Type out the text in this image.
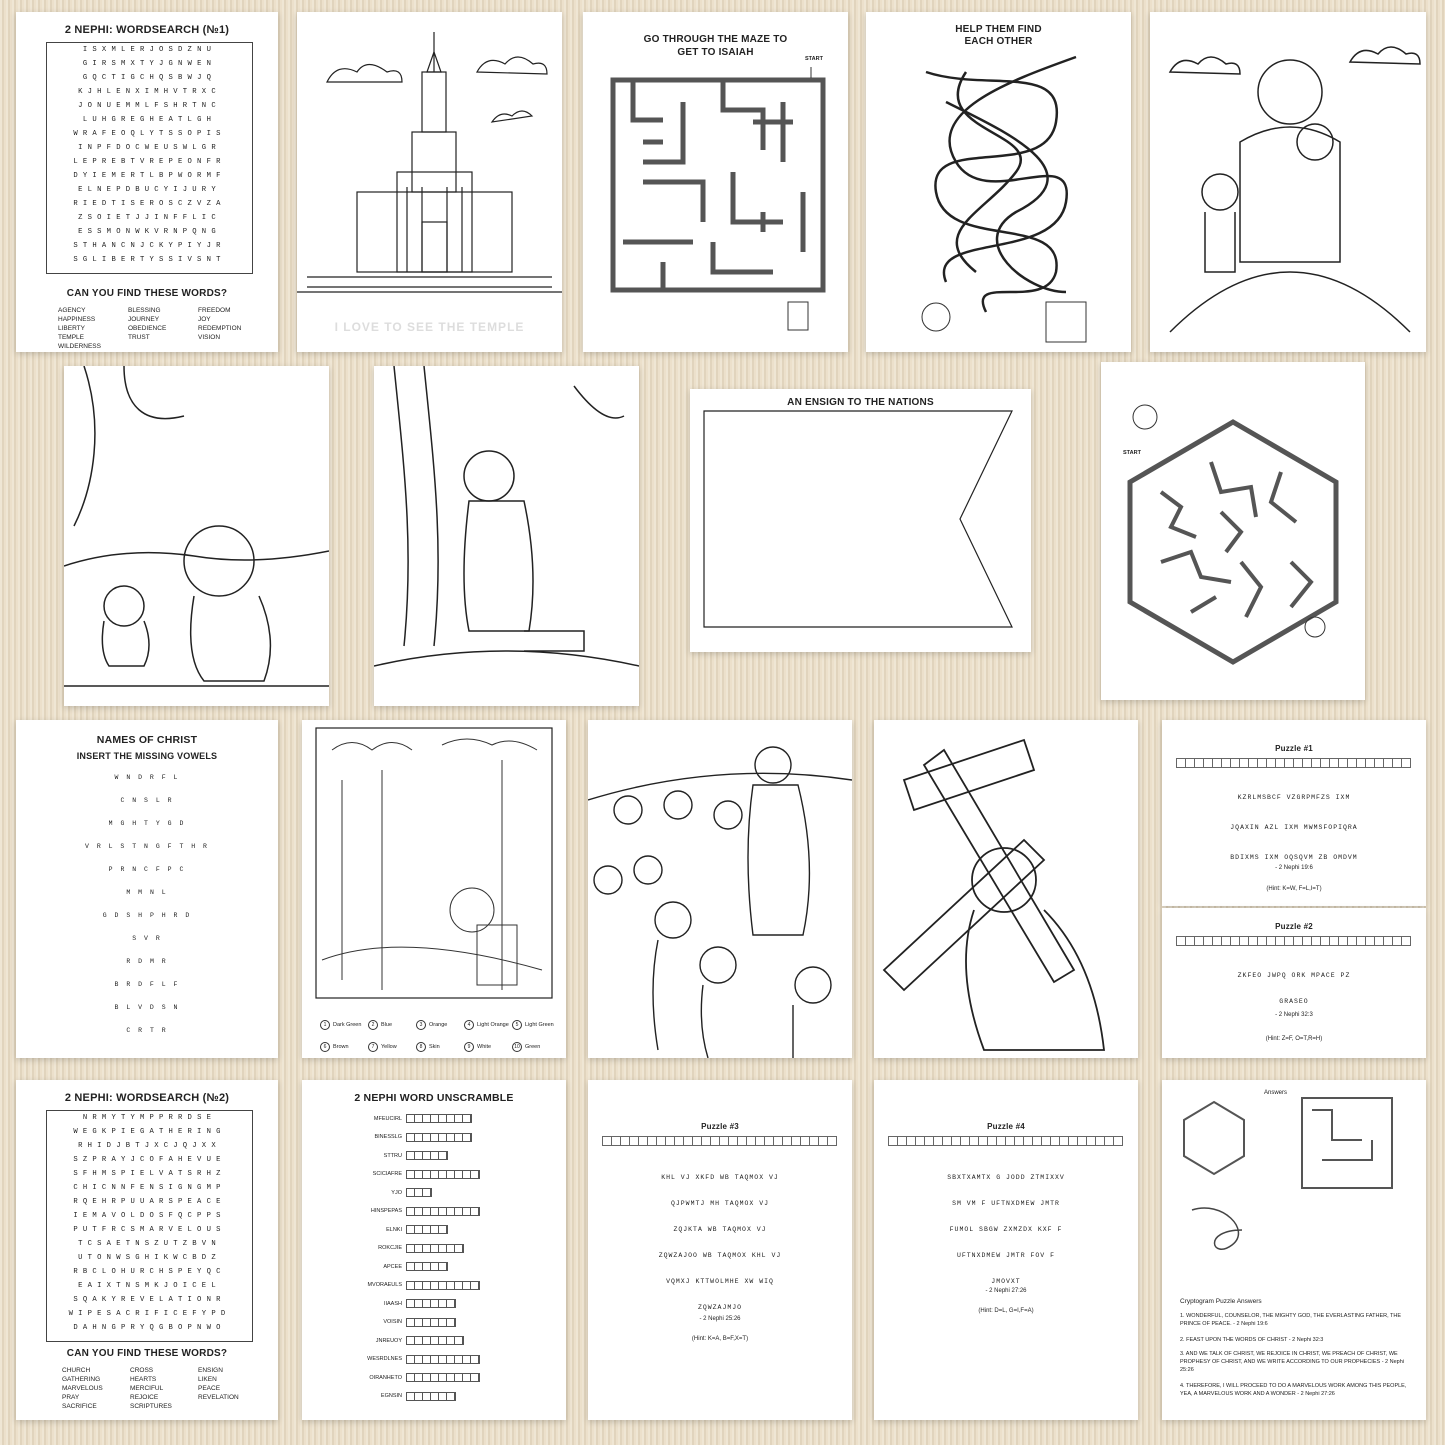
2 NEPHI: WORDSEARCH (№1)
ISXMLERJOSDZNU
GIRSMXTYJGNWEN
GQCTIGCHQSBWJQ
KJHLENXIMHVTRXC
JONUEMMLFSHRTNC
LUHGREGHEATLGH
WRAFEOQLYTSSOPIS
INPFDOCWEUSWLGR
LEPREBTVREPEONFR
DYIEMERTLBPWORMF
ELNEPDBUCYIJURY
RIEDTISEROSCZVZA
ZSOIETJJINFFLIC
ESSMONWKVRNPQNG
STHANCNJCKYPIYJR
SGLIBERTYSSIVSNT
CAN YOU FIND THESE WORDS?
AGENCY
HAPPINESS
LIBERTY
TEMPLE
WILDERNESS
BLESSING
JOURNEY
OBEDIENCE
TRUST
FREEDOM
JOY
REDEMPTION
VISION
I LOVE TO SEE THE TEMPLE
GO THROUGH THE MAZE TO
GET TO ISAIAH
START
HELP THEM FIND
EACH OTHER
AN ENSIGN TO THE NATIONS
START
NAMES OF CHRIST
INSERT THE MISSING VOWELS
W N D R F L
C N S L R
M G H T Y G D
V R L S T N G F T H R
P R N C F P C
M M N L
G D S H P H R D
S V R
R D M R
B R D F L F
B L V D S N
C R T R
1 Dark Green	2 Blue	3 Orange	4 Light Orange	5 Light Green
6 Brown	7 Yellow	8 Skin	9 White	10 Green
Puzzle #1
KZRLMSBCF VZGRPMFZS IXM
JQAXIN AZL IXM MWMSFOPIQRA
BDIXMS IXM OQSQVM ZB OMDVM
- 2 Nephi 19:6
(Hint: K=W, F=L,I=T)
Puzzle #2
ZKFEO JWPQ ORK MPACE PZ
GRASEO
- 2 Nephi 32:3
(Hint: Z=F, O=T,R=H)
2 NEPHI: WORDSEARCH (№2)
NRMYTYMPPRRDSE
WEGKPIEGATHERING
RHIDJBTJXCJQJXX
SZPRAYJCOFAHEVUE
SFHMSPIELVATSRHZ
CHICNNFENSIGNGMP
RQEHRPUUARSPEACE
IEMAVOLDOSFQCPPS
PUTFRCSMARVELOUS
TCSAETNSZUTZBVN
UTONWSGHIKWCBDZ
RBCLOHURCHSPEYQC
EAIXTNSMKJOICEL
SQAKYREVELATIONR
WIPESACRIFICEFYPD
DAHNGPRYQGBOPNWO
CAN YOU FIND THESE WORDS?
CHURCH
GATHERING
MARVELOUS
PRAY
SACRIFICE
CROSS
HEARTS
MERCIFUL
REJOICE
SCRIPTURES
ENSIGN
LIKEN
PEACE
REVELATION
2 NEPHI WORD UNSCRAMBLE
MFEUCIRL
BINESSLG
STTRU
SCICIAFRE
YJO
HINSPEPAS
ELNKI
ROKCJIE
APCEE
MVORAEULS
IIAASH
VOISIN
JNREUOY
WESRDLNES
OIRANHETO
EGNSIN
Puzzle #3
KHL VJ XKFD WB TAQMOX VJ
QJPWMTJ MH TAQMOX VJ
ZQJKTA WB TAQMOX VJ
ZQWZAJOO WB TAQMOX KHL VJ
VQMXJ KTTWOLMHE XW WIQ
ZQWZAJMJO
- 2 Nephi 25:26
(Hint: K=A, B=F,X=T)
Puzzle #4
SBXTXAMTX G JODD ZTMIXXV
SM VM F UFTNXDMEW JMTR
FUMOL SBGW ZXMZDX KXF F
UFTNXDMEW JMTR FOV F
JMOVXT
- 2 Nephi 27:26
(Hint: D=L, G=I,F=A)
Answers
Cryptogram Puzzle Answers
1. WONDERFUL, COUNSELOR, THE MIGHTY GOD, THE EVERLASTING FATHER, THE PRINCE OF PEACE. - 2 Nephi 19:6
2. FEAST UPON THE WORDS OF CHRIST - 2 Nephi 32:3
3. AND WE TALK OF CHRIST, WE REJOICE IN CHRIST, WE PREACH OF CHRIST, WE PROPHESY OF CHRIST, AND WE WRITE ACCORDING TO OUR PROPHECIES - 2 Nephi 25:26
4. THEREFORE, I WILL PROCEED TO DO A MARVELOUS WORK AMONG THIS PEOPLE, YEA, A MARVELOUS WORK AND A WONDER - 2 Nephi 27:26
